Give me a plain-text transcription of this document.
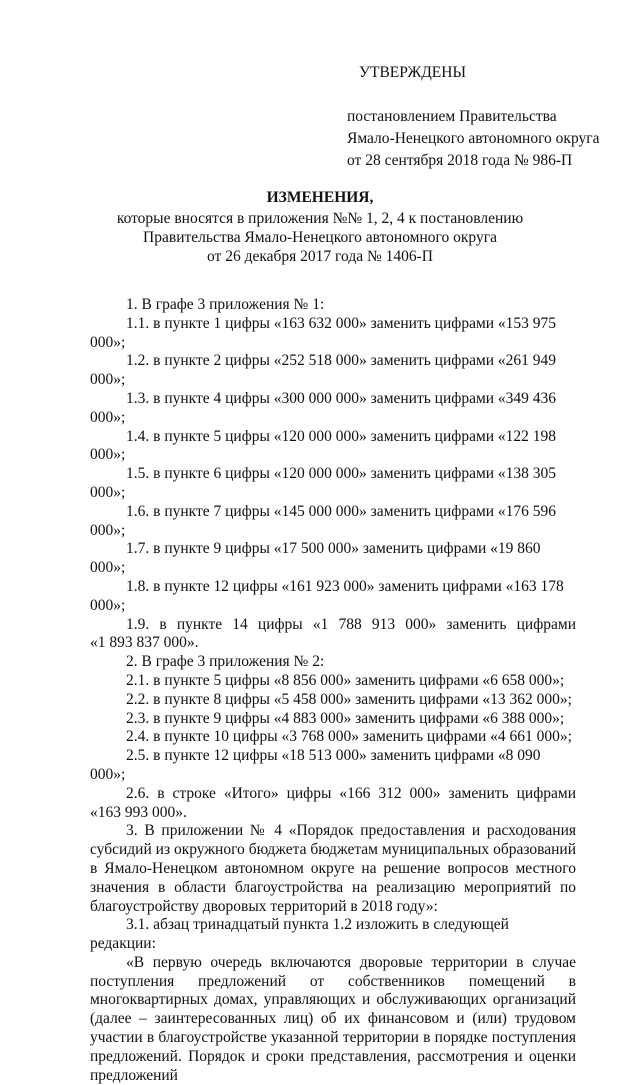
УТВЕРЖДЕНЫ
постановлением Правительства
Ямало-Ненецкого автономного округа
от 28 сентября 2018 года № 986-П
ИЗМЕНЕНИЯ,
которые вносятся в приложения №№ 1, 2, 4 к постановлению
Правительства Ямало-Ненецкого автономного округа
от 26 декабря 2017 года № 1406-П

1. В графе 3 приложения № 1:

1.1. в пункте 1 цифры «163 632 000» заменить цифрами «153 975 000»;

1.2. в пункте 2 цифры «252 518 000» заменить цифрами «261 949 000»;

1.3. в пункте 4 цифры «300 000 000» заменить цифрами «349 436 000»;

1.4. в пункте 5 цифры «120 000 000» заменить цифрами «122 198 000»;

1.5. в пункте 6 цифры «120 000 000» заменить цифрами «138 305 000»;

1.6. в пункте 7 цифры «145 000 000» заменить цифрами «176 596 000»;

1.7. в пункте 9 цифры «17 500 000» заменить цифрами «19 860 000»;

1.8. в пункте 12 цифры «161 923 000» заменить цифрами «163 178 000»;

1.9. в пункте 14 цифры «1 788 913 000» заменить цифрами

«1 893 837 000».

2. В графе 3 приложения № 2:

2.1. в пункте 5 цифры «8 856 000» заменить цифрами «6 658 000»;

2.2. в пункте 8 цифры «5 458 000» заменить цифрами «13 362 000»;

2.3. в пункте 9 цифры «4 883 000» заменить цифрами «6 388 000»;

2.4. в пункте 10 цифры «3 768 000» заменить цифрами «4 661 000»;

2.5. в пункте 12 цифры «18 513 000» заменить цифрами «8 090 000»;

2.6. в строке «Итого» цифры «166 312 000» заменить цифрами

«163 993 000».

3. В приложении № 4 «Порядок предоставления и расходования субсидий из окружного бюджета бюджетам муниципальных образований в Ямало-Ненецком автономном округе на решение вопросов местного значения в области благоустройства на реализацию мероприятий по благоустройству дворовых территорий в 2018 году»:

3.1. абзац тринадцатый пункта 1.2 изложить в следующей редакции:

«В первую очередь включаются дворовые территории в случае поступления предложений от собственников помещений в многоквартирных домах, управляющих и обслуживающих организаций (далее – заинтересованных лиц) об их финансовом и (или) трудовом участии в благоустройстве указанной территории в порядке поступления предложений. Порядок и сроки представления, рассмотрения и оценки предложений
